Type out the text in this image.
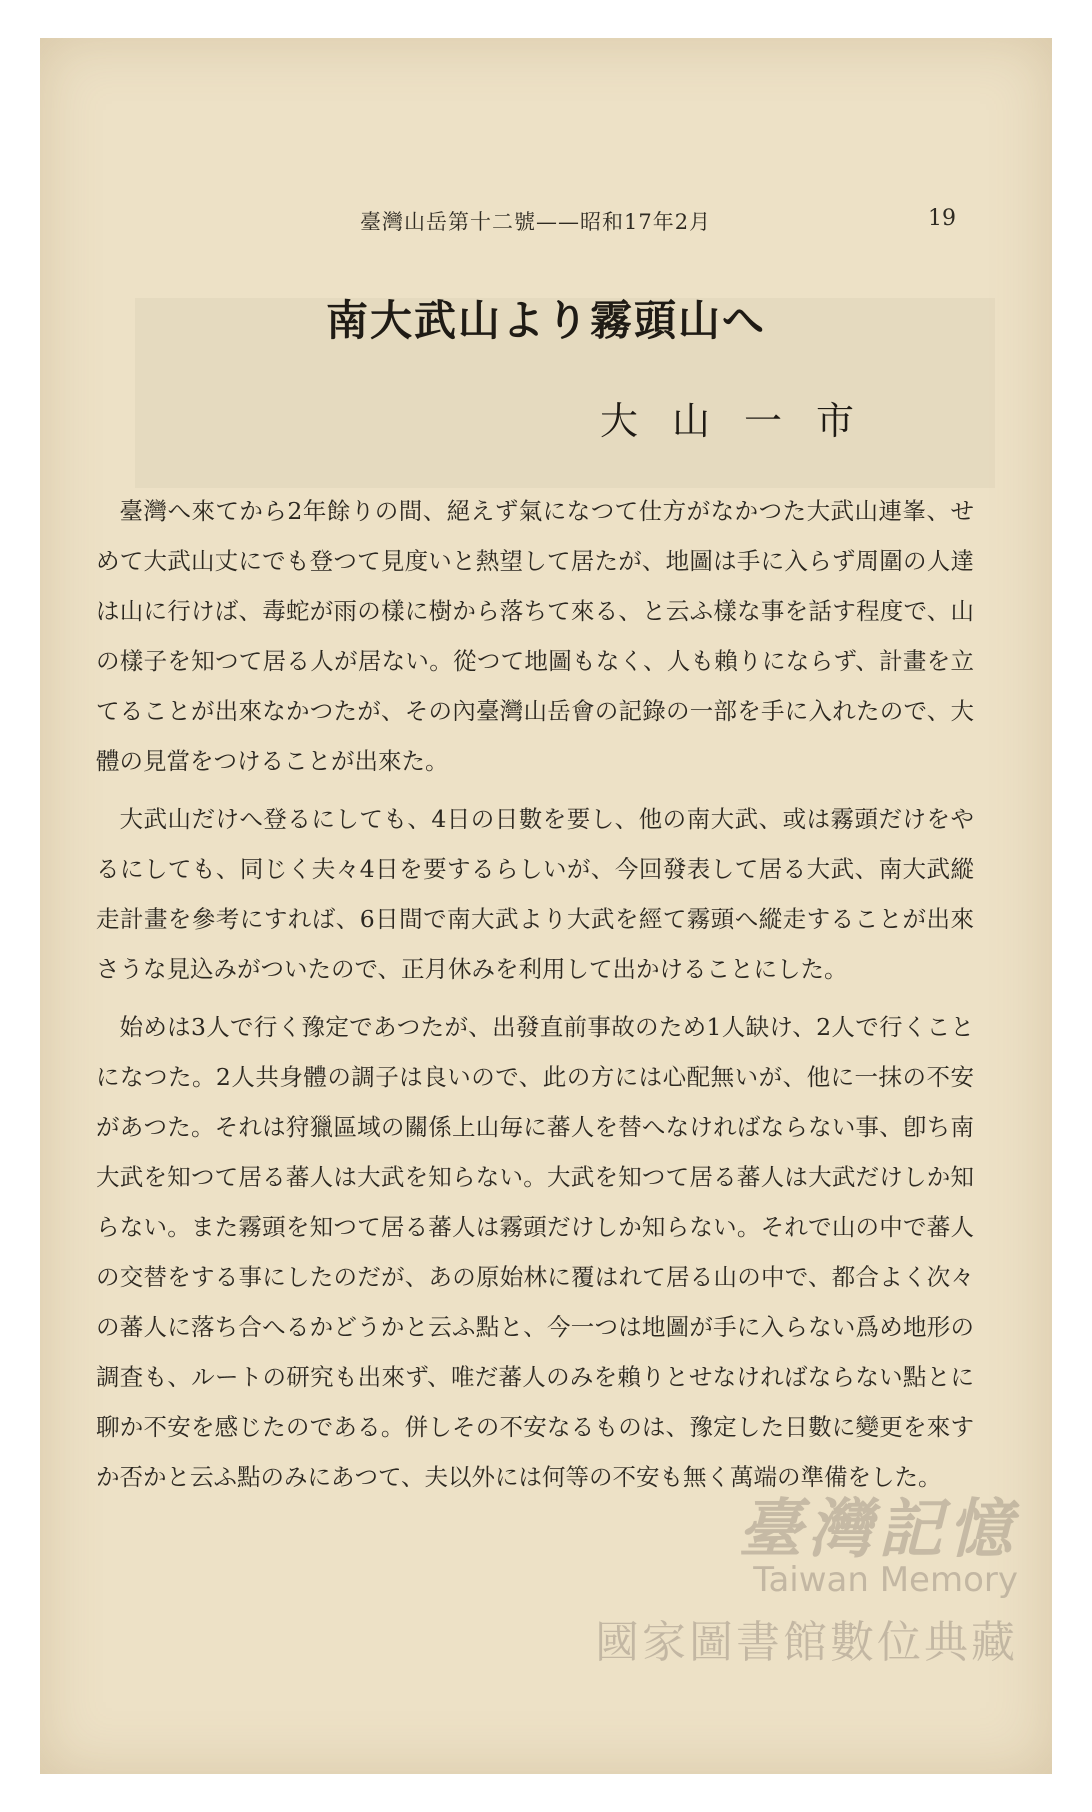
臺灣山岳第十二號——昭和17年2月	19
南大武山より霧頭山へ
大山一市

臺灣へ來てから2年餘りの間、絕えず氣になつて仕方がなかつた大武山連峯、せめて大武山丈にでも登つて見度いと熱望して居たが、地圖は手に入らず周圍の人達は山に行けば、毒蛇が雨の樣に樹から落ちて來る、と云ふ樣な事を話す程度で、山の樣子を知つて居る人が居ない。從つて地圖もなく、人も賴りにならず、計畫を立てることが出來なかつたが、その內臺灣山岳會の記錄の一部を手に入れたので、大體の見當をつけることが出來た。

大武山だけへ登るにしても、4日の日數を要し、他の南大武、或は霧頭だけをやるにしても、同じく夫々4日を要するらしいが、今回發表して居る大武、南大武縱走計畫を參考にすれば、6日間で南大武より大武を經て霧頭へ縱走することが出來さうな見込みがついたので、正月休みを利用して出かけることにした。

始めは3人で行く豫定であつたが、出發直前事故のため1人缺け、2人で行くことになつた。2人共身體の調子は良いので、此の方には心配無いが、他に一抹の不安があつた。それは狩獵區域の關係上山毎に蕃人を替へなければならない事、卽ち南大武を知つて居る蕃人は大武を知らない。大武を知つて居る蕃人は大武だけしか知らない。また霧頭を知つて居る蕃人は霧頭だけしか知らない。それで山の中で蕃人の交替をする事にしたのだが、あの原始林に覆はれて居る山の中で、都合よく次々の蕃人に落ち合へるかどうかと云ふ點と、今一つは地圖が手に入らない爲め地形の調査も、ルートの研究も出來ず、唯だ蕃人のみを賴りとせなければならない點とに聊か不安を感じたのである。併しその不安なるものは、豫定した日數に變更を來すか否かと云ふ點のみにあつて、夫以外には何等の不安も無く萬端の準備をした。

臺灣記憶
Taiwan Memory
國家圖書館數位典藏
